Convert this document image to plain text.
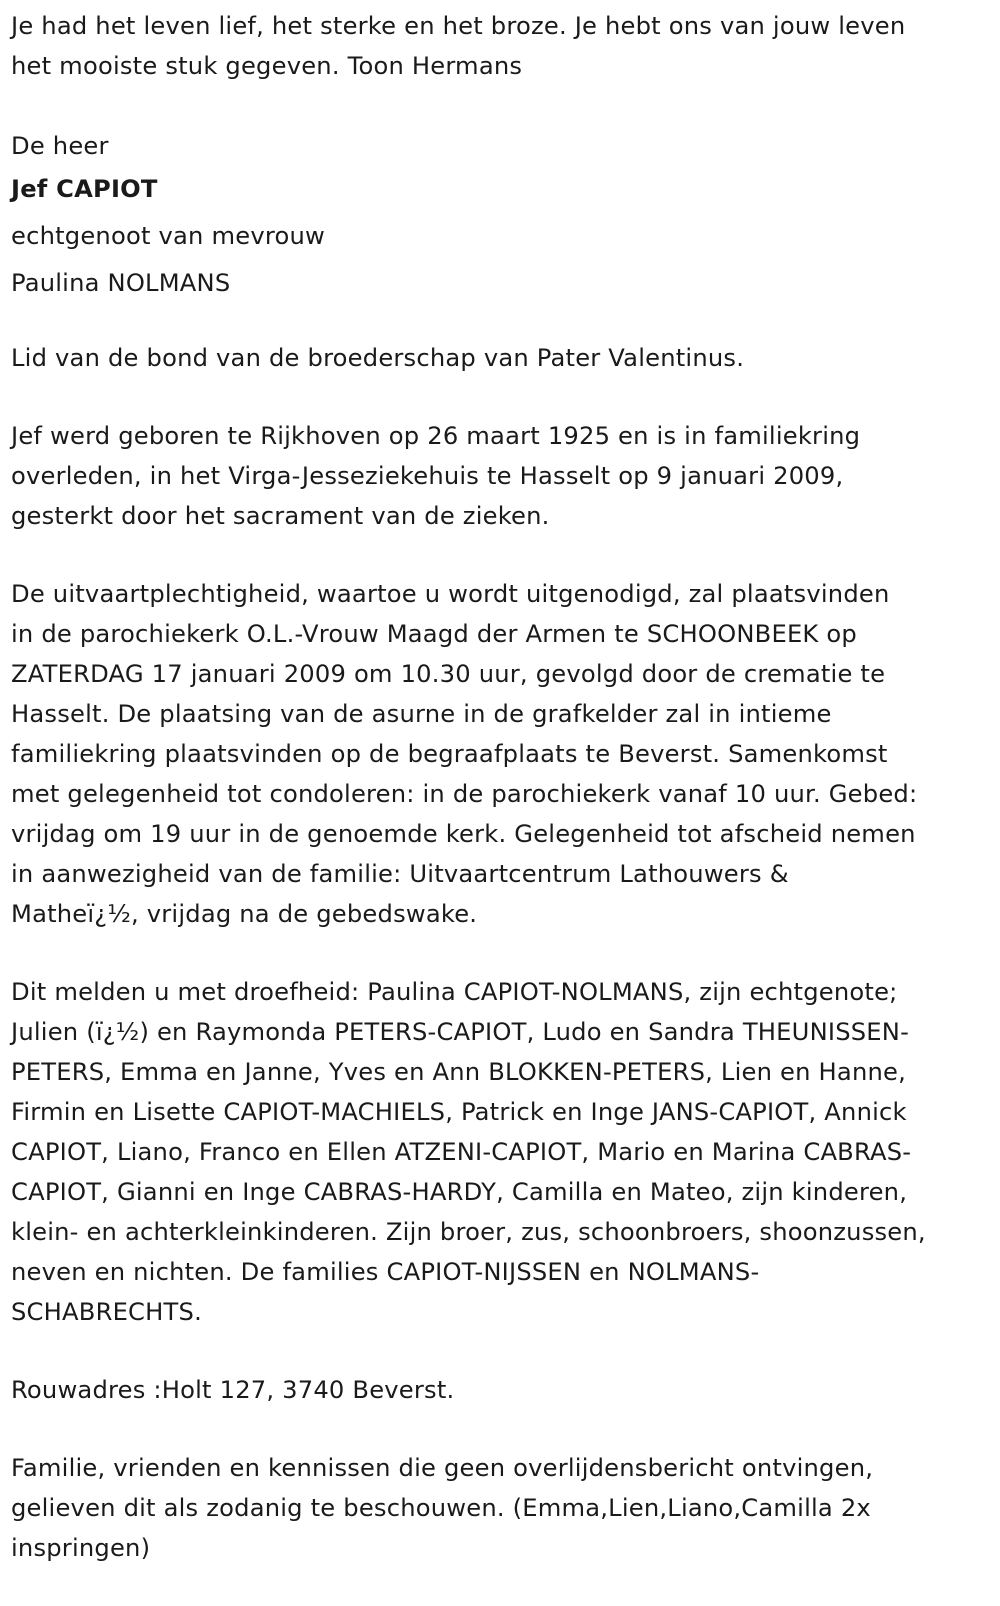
Je had het leven lief, het sterke en het broze. Je hebt ons van jouw leven
het mooiste stuk gegeven. Toon Hermans

De heer
Jef CAPIOT
echtgenoot van mevrouw
Paulina NOLMANS

Lid van de bond van de broederschap van Pater Valentinus.

Jef werd geboren te Rijkhoven op 26 maart 1925 en is in familiekring
overleden, in het Virga-Jesseziekehuis te Hasselt op 9 januari 2009,
gesterkt door het sacrament van de zieken.

De uitvaartplechtigheid, waartoe u wordt uitgenodigd, zal plaatsvinden
in de parochiekerk O.L.-Vrouw Maagd der Armen te SCHOONBEEK op
ZATERDAG 17 januari 2009 om 10.30 uur, gevolgd door de crematie te
Hasselt. De plaatsing van de asurne in de grafkelder zal in intieme
familiekring plaatsvinden op de begraafplaats te Beverst. Samenkomst
met gelegenheid tot condoleren: in de parochiekerk vanaf 10 uur. Gebed:
vrijdag om 19 uur in de genoemde kerk. Gelegenheid tot afscheid nemen
in aanwezigheid van de familie: Uitvaartcentrum Lathouwers &
Matheï¿½, vrijdag na de gebedswake.

Dit melden u met droefheid: Paulina CAPIOT-NOLMANS, zijn echtgenote;
Julien (ï¿½) en Raymonda PETERS-CAPIOT, Ludo en Sandra THEUNISSEN-
PETERS, Emma en Janne, Yves en Ann BLOKKEN-PETERS, Lien en Hanne,
Firmin en Lisette CAPIOT-MACHIELS, Patrick en Inge JANS-CAPIOT, Annick
CAPIOT, Liano, Franco en Ellen ATZENI-CAPIOT, Mario en Marina CABRAS-
CAPIOT, Gianni en Inge CABRAS-HARDY, Camilla en Mateo, zijn kinderen,
klein- en achterkleinkinderen. Zijn broer, zus, schoonbroers, shoonzussen,
neven en nichten. De families CAPIOT-NIJSSEN en NOLMANS-
SCHABRECHTS.

Rouwadres :Holt 127, 3740 Beverst.

Familie, vrienden en kennissen die geen overlijdensbericht ontvingen,
gelieven dit als zodanig te beschouwen. (Emma,Lien,Liano,Camilla 2x
inspringen)
